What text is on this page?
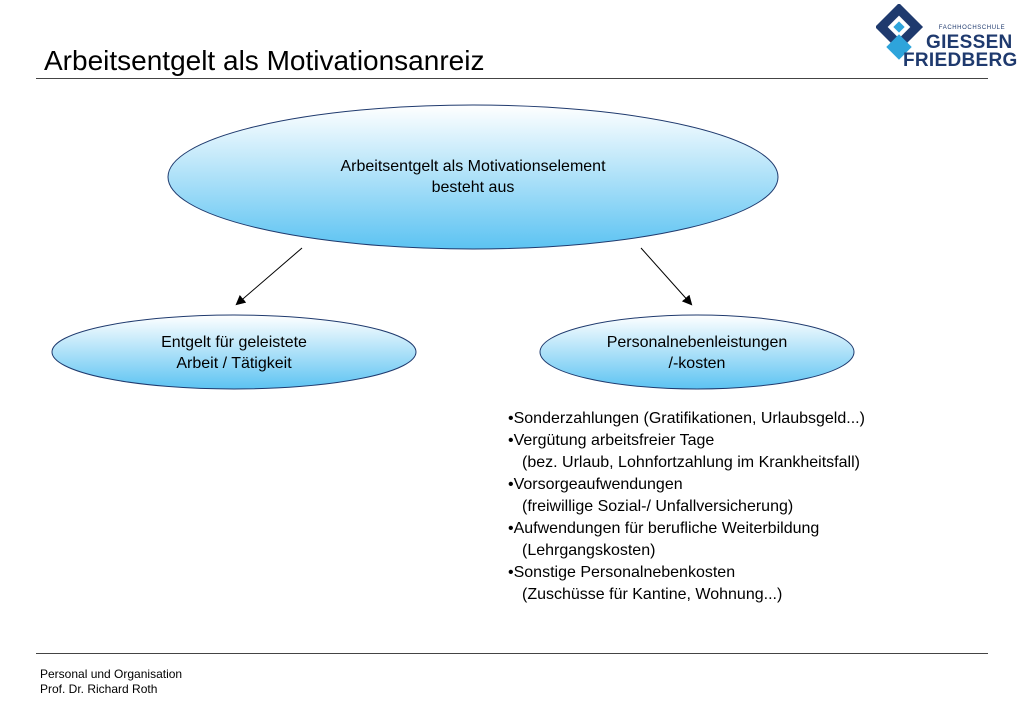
Arbeitsentgelt als Motivationsanreiz
FACHHOCHSCHULE
GIESSEN
FRIEDBERG
Arbeitsentgelt als Motivationselement
besteht aus
Entgelt für geleistete
Arbeit / Tätigkeit
Personalnebenleistungen
/-kosten
•Sonderzahlungen (Gratifikationen, Urlaubsgeld...)
•Vergütung arbeitsfreier Tage
(bez. Urlaub, Lohnfortzahlung im Krankheitsfall)
•Vorsorgeaufwendungen
(freiwillige Sozial-/ Unfallversicherung)
•Aufwendungen für berufliche Weiterbildung
(Lehrgangskosten)
•Sonstige Personalnebenkosten
(Zuschüsse für Kantine, Wohnung...)
Personal und Organisation
Prof. Dr. Richard Roth
